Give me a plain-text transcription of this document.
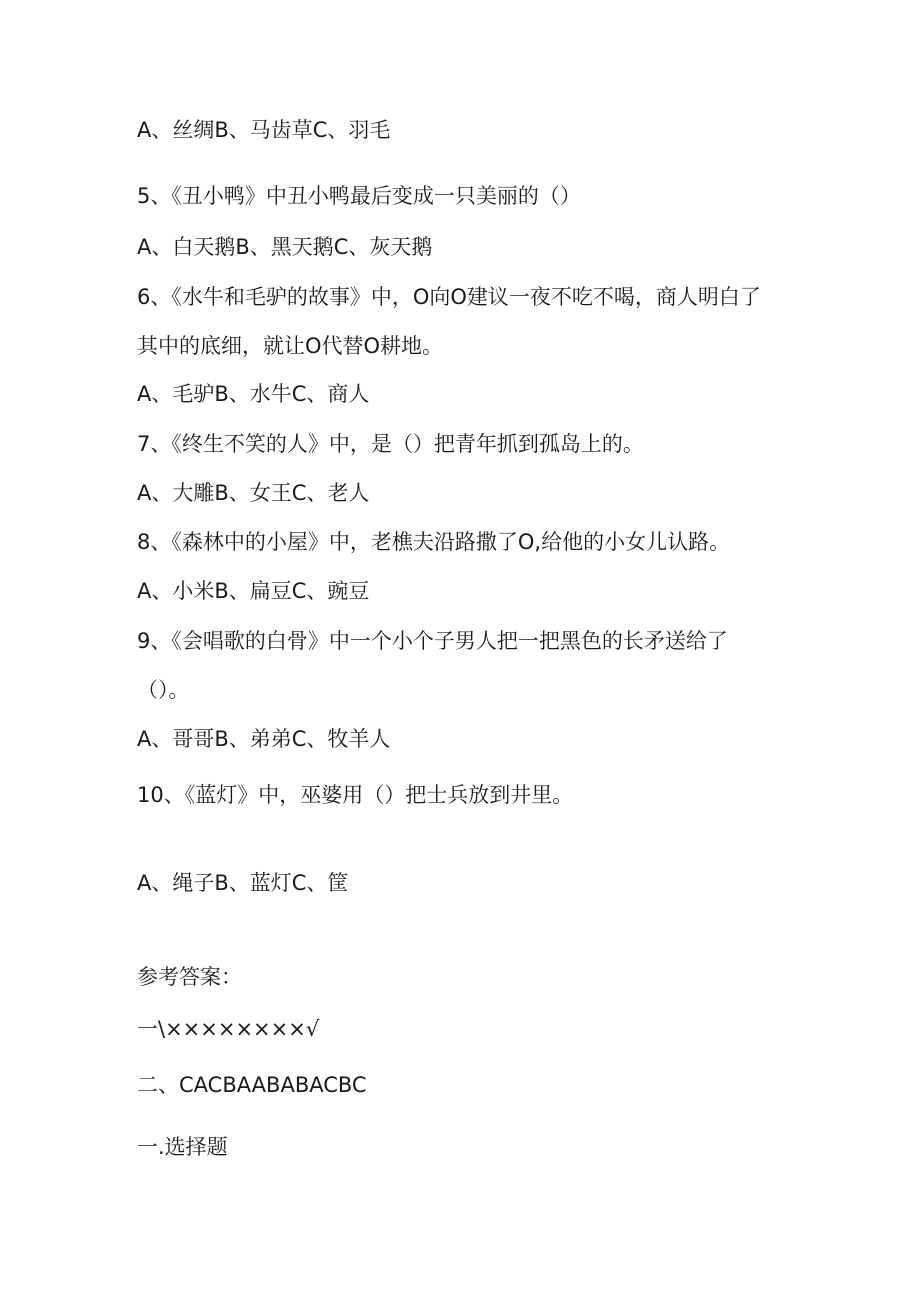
A、丝绸B、马齿草C、羽毛
5、《丑小鸭》中丑小鸭最后变成一只美丽的（）
A、白天鹅B、黑天鹅C、灰天鹅
6、《水牛和毛驴的故事》中，O向O建议一夜不吃不喝，商人明白了
其中的底细，就让O代替O耕地。
A、毛驴B、水牛C、商人
7、《终生不笑的人》中，是（）把青年抓到孤岛上的。
A、大雕B、女王C、老人
8、《森林中的小屋》中，老樵夫沿路撒了O,给他的小女儿认路。
A、小米B、扁豆C、豌豆
9、《会唱歌的白骨》中一个小个子男人把一把黑色的长矛送给了
（）。
A、哥哥B、弟弟C、牧羊人
10、《蓝灯》中，巫婆用（）把士兵放到井里。
A、绳子B、蓝灯C、筐
参考答案：
一\××××××××√
二、CACBAABABACBC
一.选择题
